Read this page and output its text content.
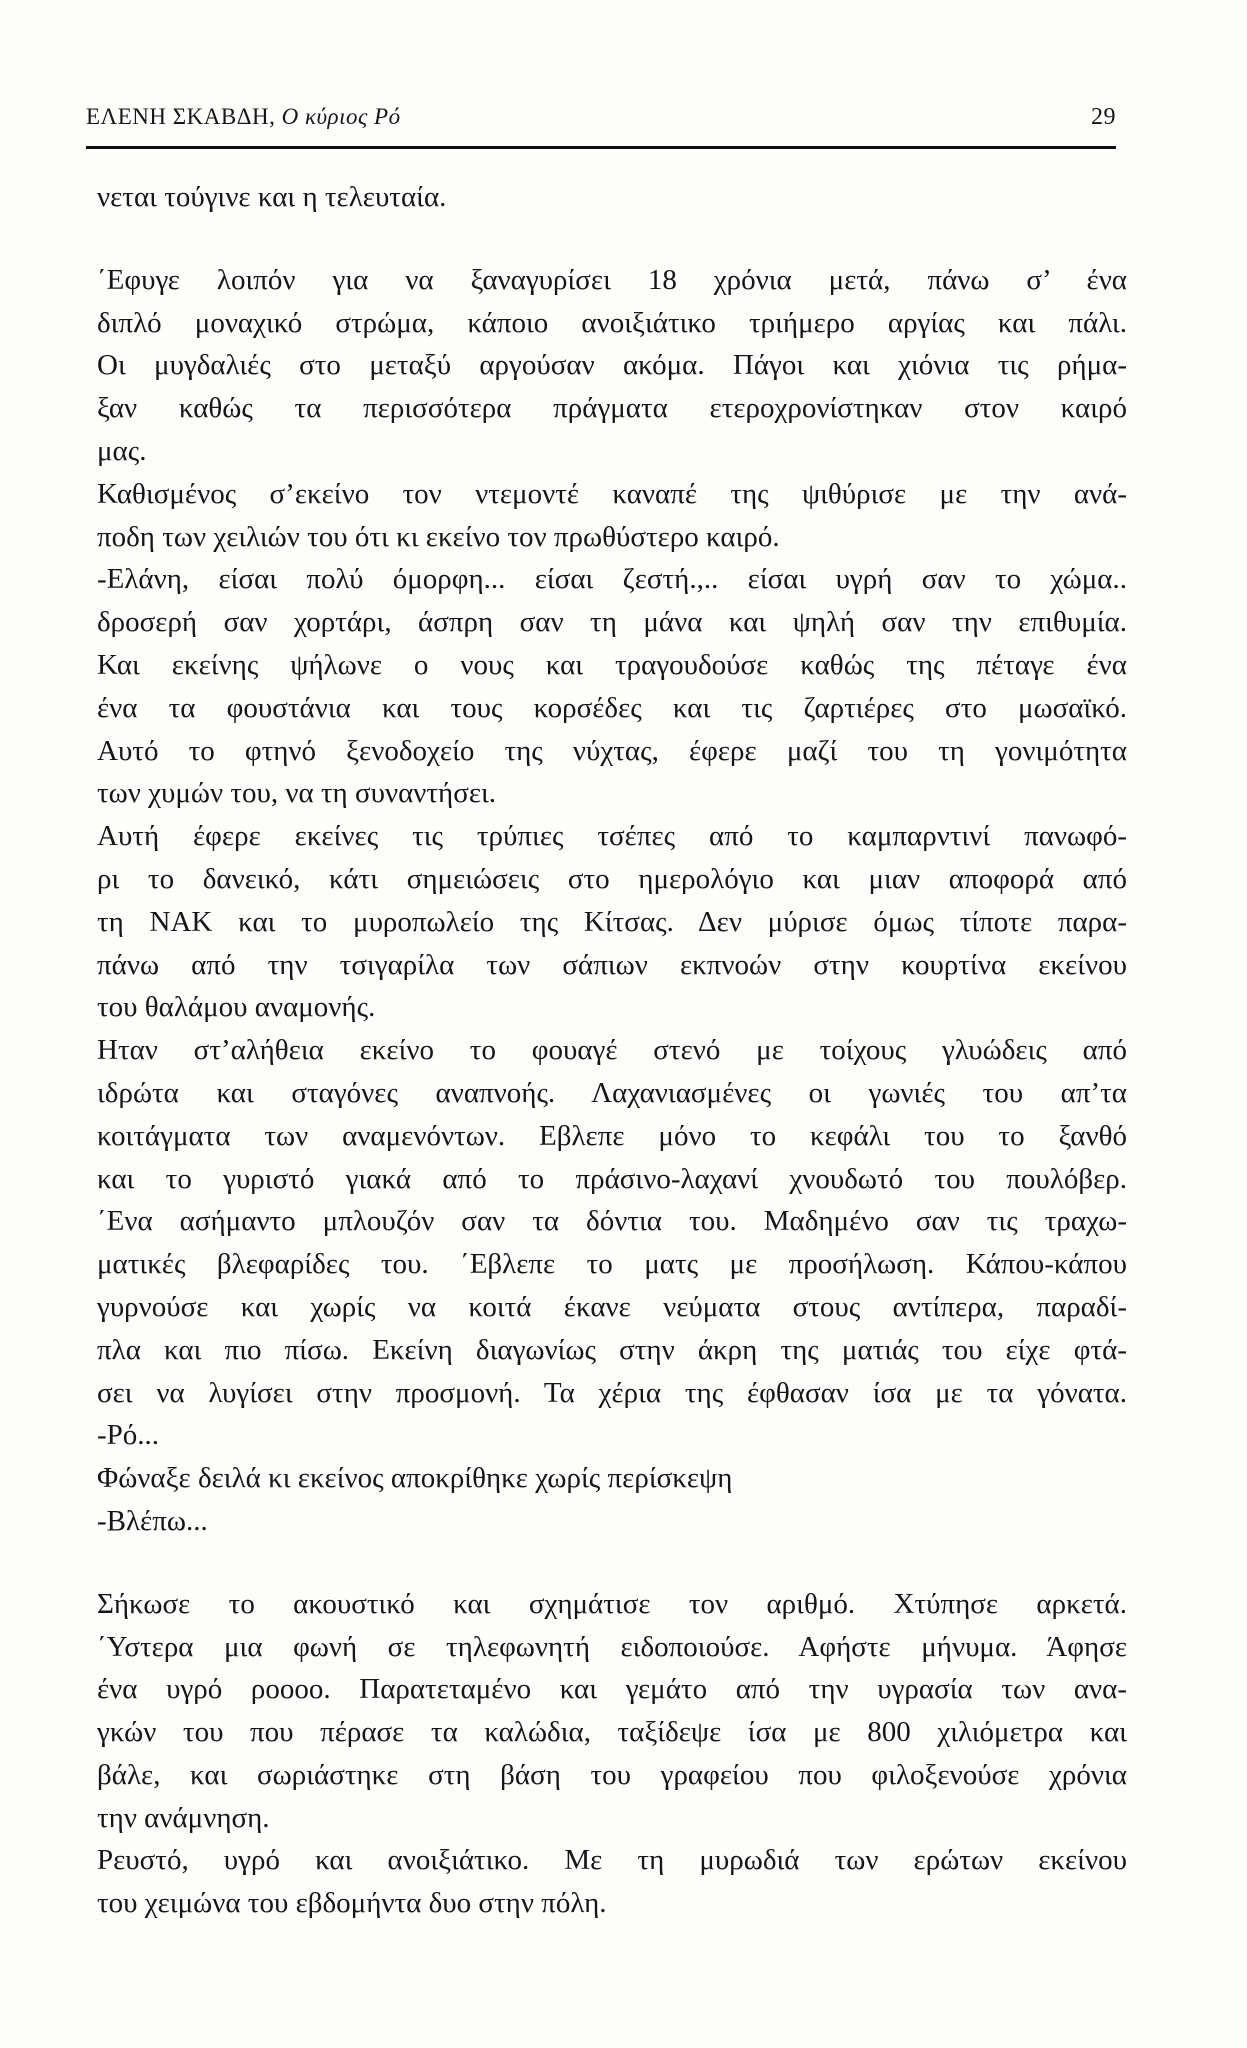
ΕΛΕΝΗ ΣΚΑΒΔΗ, Ο κύριος Ρό	29
νεται τούγινε και η τελευταία.
΄Εφυγε λοιπόν για να ξαναγυρίσει 18 χρόνια μετά, πάνω σ’ ένα
διπλό μοναχικό στρώμα, κάποιο ανοιξιάτικο τριήμερο αργίας και πάλι.
Οι μυγδαλιές στο μεταξύ αργούσαν ακόμα. Πάγοι και χιόνια τις ρήμα-
ξαν καθώς τα περισσότερα πράγματα ετεροχρονίστηκαν στον καιρό
μας.
Καθισμένος σ’εκείνο τον ντεμοντέ καναπέ της ψιθύρισε με την ανά-
ποδη των χειλιών του ότι κι εκείνο τον πρωθύστερο καιρό.
-Ελάνη, είσαι πολύ όμορφη... είσαι ζεστή.,.. είσαι υγρή σαν το χώμα..
δροσερή σαν χορτάρι, άσπρη σαν τη μάνα και ψηλή σαν την επιθυμία.
Και εκείνης ψήλωνε ο νους και τραγουδούσε καθώς της πέταγε ένα
ένα τα φουστάνια και τους κορσέδες και τις ζαρτιέρες στο μωσαϊκό.
Αυτό το φτηνό ξενοδοχείο της νύχτας, έφερε μαζί του τη γονιμότητα
των χυμών του, να τη συναντήσει.
Αυτή έφερε εκείνες τις τρύπιες τσέπες από το καμπαρντινί πανωφό-
ρι το δανεικό, κάτι σημειώσεις στο ημερολόγιο και μιαν αποφορά από
τη ΝΑΚ και το μυροπωλείο της Κίτσας. Δεν μύρισε όμως τίποτε παρα-
πάνω από την τσιγαρίλα των σάπιων εκπνοών στην κουρτίνα εκείνου
του θαλάμου αναμονής.
Ηταν στ’αλήθεια εκείνο το φουαγέ στενό με τοίχους γλυώδεις από
ιδρώτα και σταγόνες αναπνοής. Λαχανιασμένες οι γωνιές του απ’τα
κοιτάγματα των αναμενόντων. Εβλεπε μόνο το κεφάλι του το ξανθό
και το γυριστό γιακά από το πράσινο-λαχανί χνουδωτό του πουλόβερ.
΄Ενα ασήμαντο μπλουζόν σαν τα δόντια του. Μαδημένο σαν τις τραχω-
ματικές βλεφαρίδες του. ΄Εβλεπε το ματς με προσήλωση. Κάπου-κάπου
γυρνούσε και χωρίς να κοιτά έκανε νεύματα στους αντίπερα, παραδί-
πλα και πιο πίσω. Εκείνη διαγωνίως στην άκρη της ματιάς του είχε φτά-
σει να λυγίσει στην προσμονή. Τα χέρια της έφθασαν ίσα με τα γόνατα.
-Ρό...
Φώναξε δειλά κι εκείνος αποκρίθηκε χωρίς περίσκεψη
-Βλέπω...
Σήκωσε το ακουστικό και σχημάτισε τον αριθμό. Χτύπησε αρκετά.
΄Υστερα μια φωνή σε τηλεφωνητή ειδοποιούσε. Αφήστε μήνυμα. Άφησε
ένα υγρό ροοοο. Παρατεταμένο και γεμάτο από την υγρασία των ανα-
γκών του που πέρασε τα καλώδια, ταξίδεψε ίσα με 800 χιλιόμετρα και
βάλε, και σωριάστηκε στη βάση του γραφείου που φιλοξενούσε χρόνια
την ανάμνηση.
Ρευστό, υγρό και ανοιξιάτικο. Με τη μυρωδιά των ερώτων εκείνου
του χειμώνα του εβδομήντα δυο στην πόλη.
